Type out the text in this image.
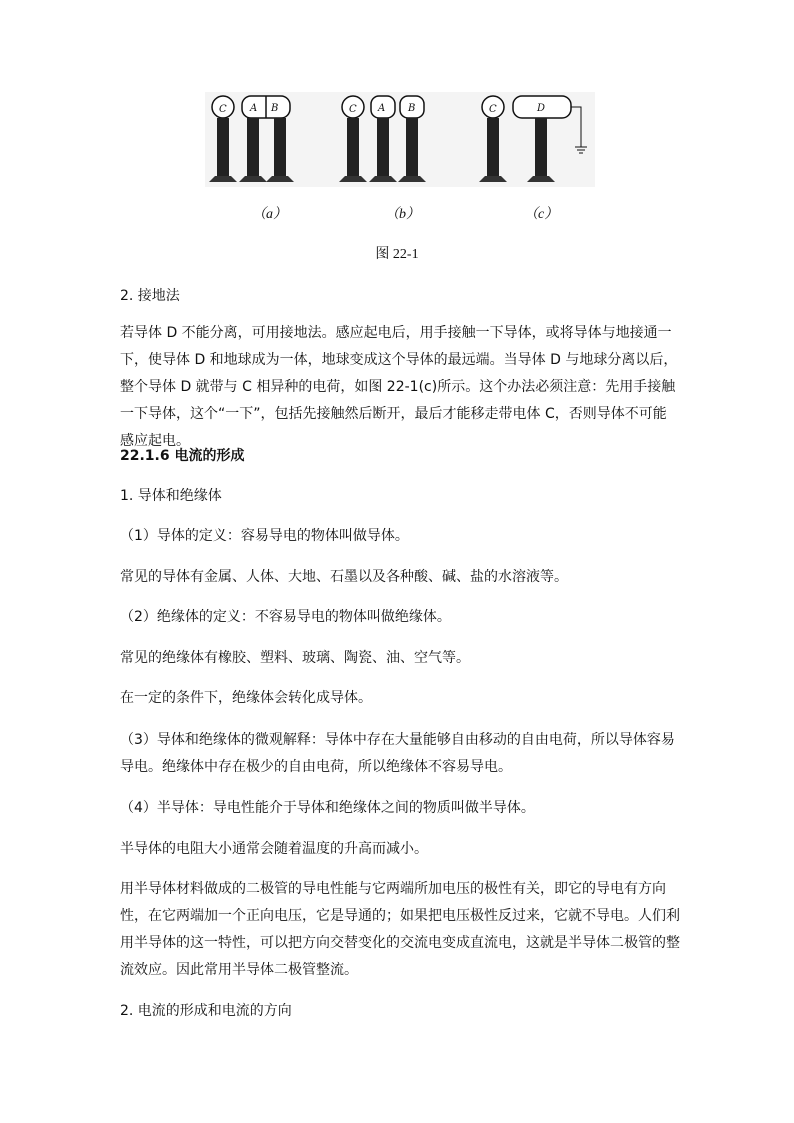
C A B	C A B	C	D
（a）	（b）	（c）
图 22-1

2. 接地法

若导体 D 不能分离，可用接地法。感应起电后，用手接触一下导体，或将导体与地接通一下，使导体 D 和地球成为一体，地球变成这个导体的最远端。当导体 D 与地球分离以后，整个导体 D 就带与 C 相异种的电荷，如图 22-1(c)所示。这个办法必须注意：先用手接触一下导体，这个“一下”，包括先接触然后断开，最后才能移走带电体 C，否则导体不可能感应起电。

22.1.6 电流的形成

1. 导体和绝缘体

（1）导体的定义：容易导电的物体叫做导体。

常见的导体有金属、人体、大地、石墨以及各种酸、碱、盐的水溶液等。

（2）绝缘体的定义：不容易导电的物体叫做绝缘体。

常见的绝缘体有橡胶、塑料、玻璃、陶瓷、油、空气等。

在一定的条件下，绝缘体会转化成导体。

（3）导体和绝缘体的微观解释：导体中存在大量能够自由移动的自由电荷，所以导体容易导电。绝缘体中存在极少的自由电荷，所以绝缘体不容易导电。

（4）半导体：导电性能介于导体和绝缘体之间的物质叫做半导体。

半导体的电阻大小通常会随着温度的升高而减小。

用半导体材料做成的二极管的导电性能与它两端所加电压的极性有关，即它的导电有方向性，在它两端加一个正向电压，它是导通的；如果把电压极性反过来，它就不导电。人们利用半导体的这一特性，可以把方向交替变化的交流电变成直流电，这就是半导体二极管的整流效应。因此常用半导体二极管整流。

2. 电流的形成和电流的方向
